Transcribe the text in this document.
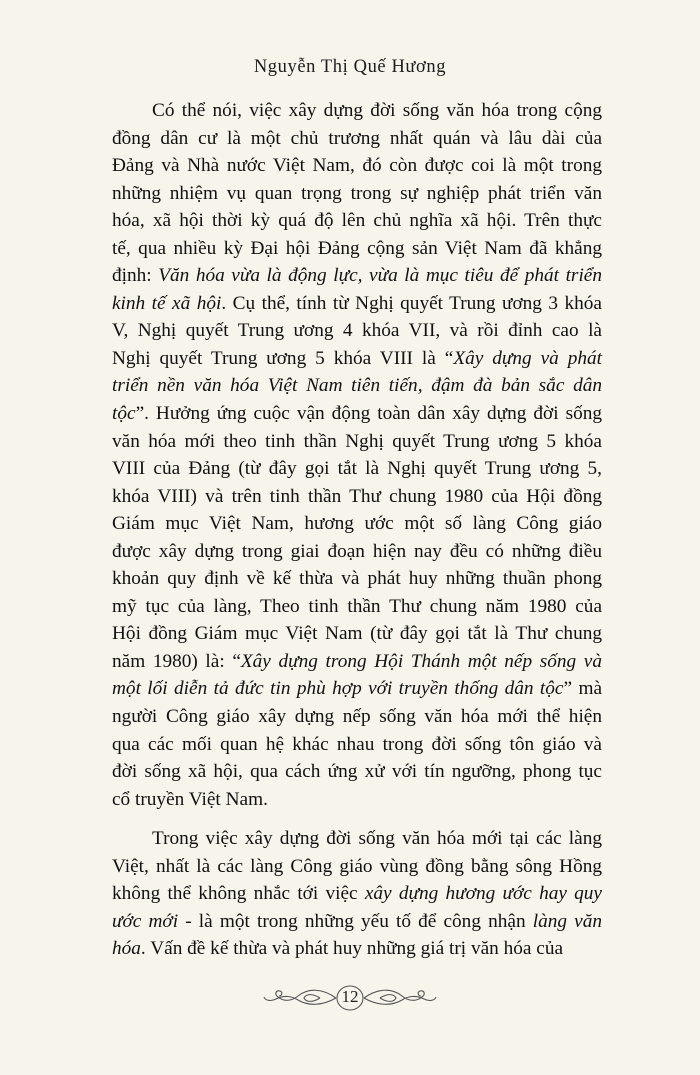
Nguyễn Thị Quế Hương
Có thể nói, việc xây dựng đời sống văn hóa trong cộng
đồng dân cư là một chủ trương nhất quán và lâu dài của
Đảng và Nhà nước Việt Nam, đó còn được coi là một trong
những nhiệm vụ quan trọng trong sự nghiệp phát triển văn
hóa, xã hội thời kỳ quá độ lên chủ nghĩa xã hội. Trên thực
tế, qua nhiều kỳ Đại hội Đảng cộng sản Việt Nam đã khẳng
định: Văn hóa vừa là động lực, vừa là mục tiêu để phát triển
kinh tế xã hội. Cụ thể, tính từ Nghị quyết Trung ương 3 khóa
V, Nghị quyết Trung ương 4 khóa VII, và rồi đỉnh cao là
Nghị quyết Trung ương 5 khóa VIII là “Xây dựng và phát
triển nền văn hóa Việt Nam tiên tiến, đậm đà bản sắc dân
tộc”. Hưởng ứng cuộc vận động toàn dân xây dựng đời sống
văn hóa mới theo tinh thần Nghị quyết Trung ương 5 khóa
VIII của Đảng (từ đây gọi tắt là Nghị quyết Trung ương 5,
khóa VIII) và trên tinh thần Thư chung 1980 của Hội đồng
Giám mục Việt Nam, hương ước một số làng Công giáo
được xây dựng trong giai đoạn hiện nay đều có những điều
khoản quy định về kế thừa và phát huy những thuần phong
mỹ tục của làng, Theo tinh thần Thư chung năm 1980 của
Hội đồng Giám mục Việt Nam (từ đây gọi tắt là Thư chung
năm 1980) là: “Xây dựng trong Hội Thánh một nếp sống và
một lối diễn tả đức tin phù hợp với truyền thống dân tộc” mà
người Công giáo xây dựng nếp sống văn hóa mới thể hiện
qua các mối quan hệ khác nhau trong đời sống tôn giáo và
đời sống xã hội, qua cách ứng xử với tín ngưỡng, phong tục
cổ truyền Việt Nam.
Trong việc xây dựng đời sống văn hóa mới tại các làng
Việt, nhất là các làng Công giáo vùng đồng bằng sông Hồng
không thể không nhắc tới việc xây dựng hương ước hay quy
ước mới - là một trong những yếu tố để công nhận làng văn
hóa. Vấn đề kế thừa và phát huy những giá trị văn hóa của
12
